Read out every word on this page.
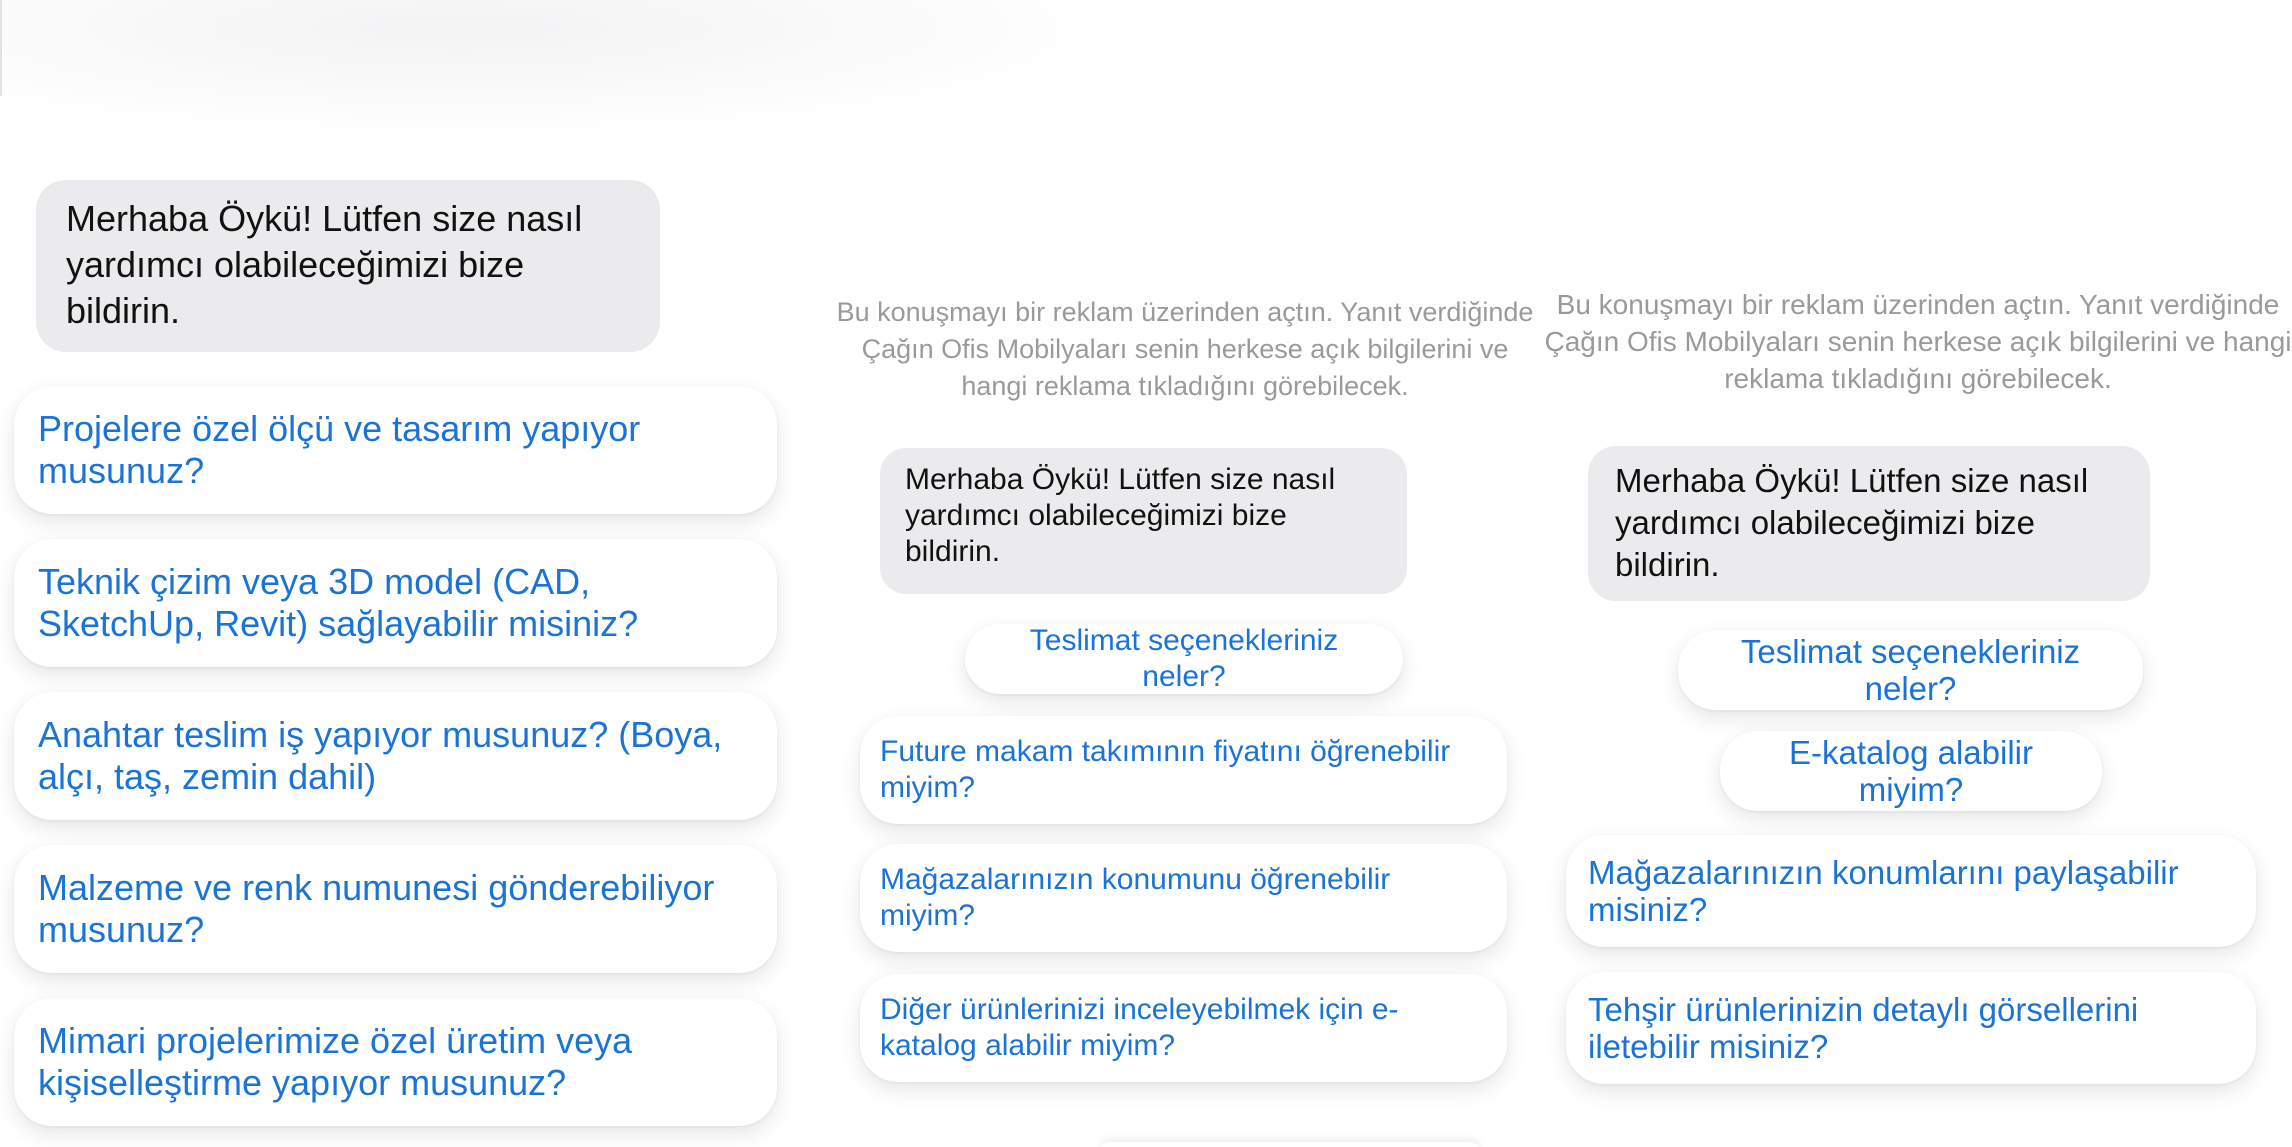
Merhaba Öykü! Lütfen size nasıl yardımcı olabileceğimizi bize bildirin.

Projelere özel ölçü ve tasarım yapıyor musunuz?
Teknik çizim veya 3D model (CAD, SketchUp, Revit) sağlayabilir misiniz?
Anahtar teslim iş yapıyor musunuz? (Boya, alçı, taş, zemin dahil)
Malzeme ve renk numunesi gönderebiliyor musunuz?
Mimari projelerimize özel üretim veya kişiselleştirme yapıyor musunuz?

Bu konuşmayı bir reklam üzerinden açtın. Yanıt verdiğinde Çağın Ofis Mobilyaları senin herkese açık bilgilerini ve hangi reklama tıkladığını görebilecek.

Merhaba Öykü! Lütfen size nasıl yardımcı olabileceğimizi bize bildirin.

Teslimat seçenekleriniz neler?
Future makam takımının fiyatını öğrenebilir miyim?
Mağazalarınızın konumunu öğrenebilir miyim?
Diğer ürünlerinizi inceleyebilmek için e-katalog alabilir miyim?

Bu konuşmayı bir reklam üzerinden açtın. Yanıt verdiğinde Çağın Ofis Mobilyaları senin herkese açık bilgilerini ve hangi reklama tıkladığını görebilecek.

Merhaba Öykü! Lütfen size nasıl yardımcı olabileceğimizi bize bildirin.

Teslimat seçenekleriniz neler?
E-katalog alabilir miyim?
Mağazalarınızın konumlarını paylaşabilir misiniz?
Tehşir ürünlerinizin detaylı görsellerini iletebilir misiniz?
